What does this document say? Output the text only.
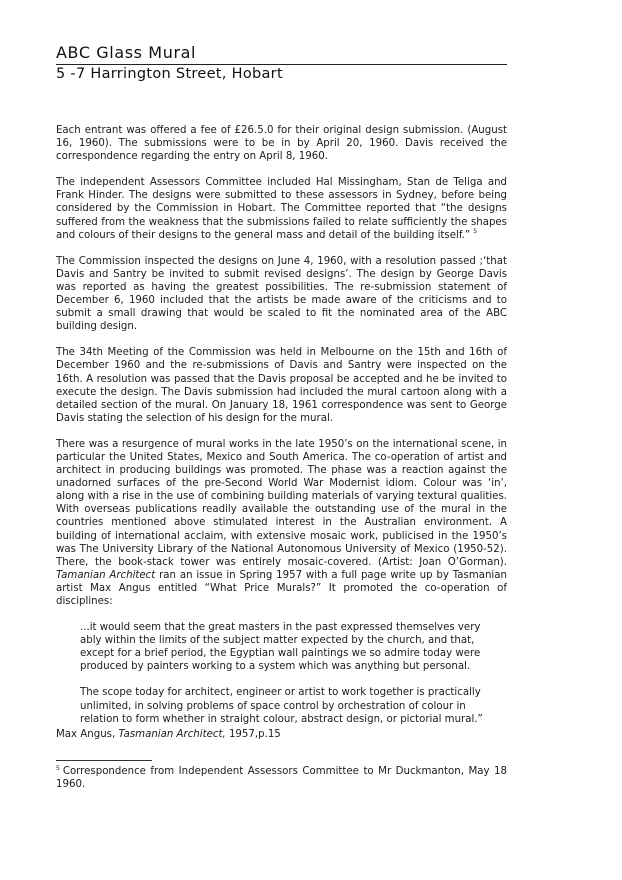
ABC Glass Mural
5 -7 Harrington Street, Hobart

Each entrant was offered a fee of £26.5.0 for their original design submission. (August 16, 1960). The submissions were to be in by April 20, 1960. Davis received the correspondence regarding the entry on April 8, 1960.

The independent Assessors Committee included Hal Missingham, Stan de Teliga and Frank Hinder. The designs were submitted to these assessors in Sydney, before being considered by the Commission in Hobart. The Committee reported that “the designs suffered from the weakness that the submissions failed to relate sufficiently the shapes and colours of their designs to the general mass and detail of the building itself.” $^5$

The Commission inspected the designs on June 4, 1960, with a resolution passed ;‘that Davis and Santry be invited to submit revised designs’. The design by George Davis was reported as having the greatest possibilities. The re-submission statement of December 6, 1960 included that the artists be made aware of the criticisms and to submit a small drawing that would be scaled to fit the nominated area of the ABC building design.

The 34th Meeting of the Commission was held in Melbourne on the 15th and 16th of December 1960 and the re-submissions of Davis and Santry were inspected on the 16th. A resolution was passed that the Davis proposal be accepted and he be invited to execute the design. The Davis submission had included the mural cartoon along with a detailed section of the mural. On January 18, 1961 correspondence was sent to George Davis stating the selection of his design for the mural.

There was a resurgence of mural works in the late 1950’s on the international scene, in particular the United States, Mexico and South America. The co-operation of artist and architect in producing buildings was promoted. The phase was a reaction against the unadorned surfaces of the pre-Second World War Modernist idiom. Colour was ‘in’, along with a rise in the use of combining building materials of varying textural qualities. With overseas publications readily available the outstanding use of the mural in the countries mentioned above stimulated interest in the Australian environment. A building of international acclaim, with extensive mosaic work, publicised in the 1950’s was The University Library of the National Autonomous University of Mexico (1950-52). There, the book-stack tower was entirely mosaic-covered. (Artist: Joan O’Gorman). Tamanian Architect ran an issue in Spring 1957 with a full page write up by Tasmanian artist Max Angus entitled “What Price Murals?” It promoted the co-operation of disciplines:

...it would seem that the great masters in the past expressed themselves very ably within the limits of the subject matter expected by the church, and that, except for a brief period, the Egyptian wall paintings we so admire today were produced by painters working to a system which was anything but personal.

The scope today for architect, engineer or artist to work together is practically unlimited, in solving problems of space control by orchestration of colour in relation to form whether in straight colour, abstract design, or pictorial mural.”

Max Angus, Tasmanian Architect, 1957,p.15

$^5$ Correspondence from Independent Assessors Committee to Mr Duckmanton, May 18 1960.
